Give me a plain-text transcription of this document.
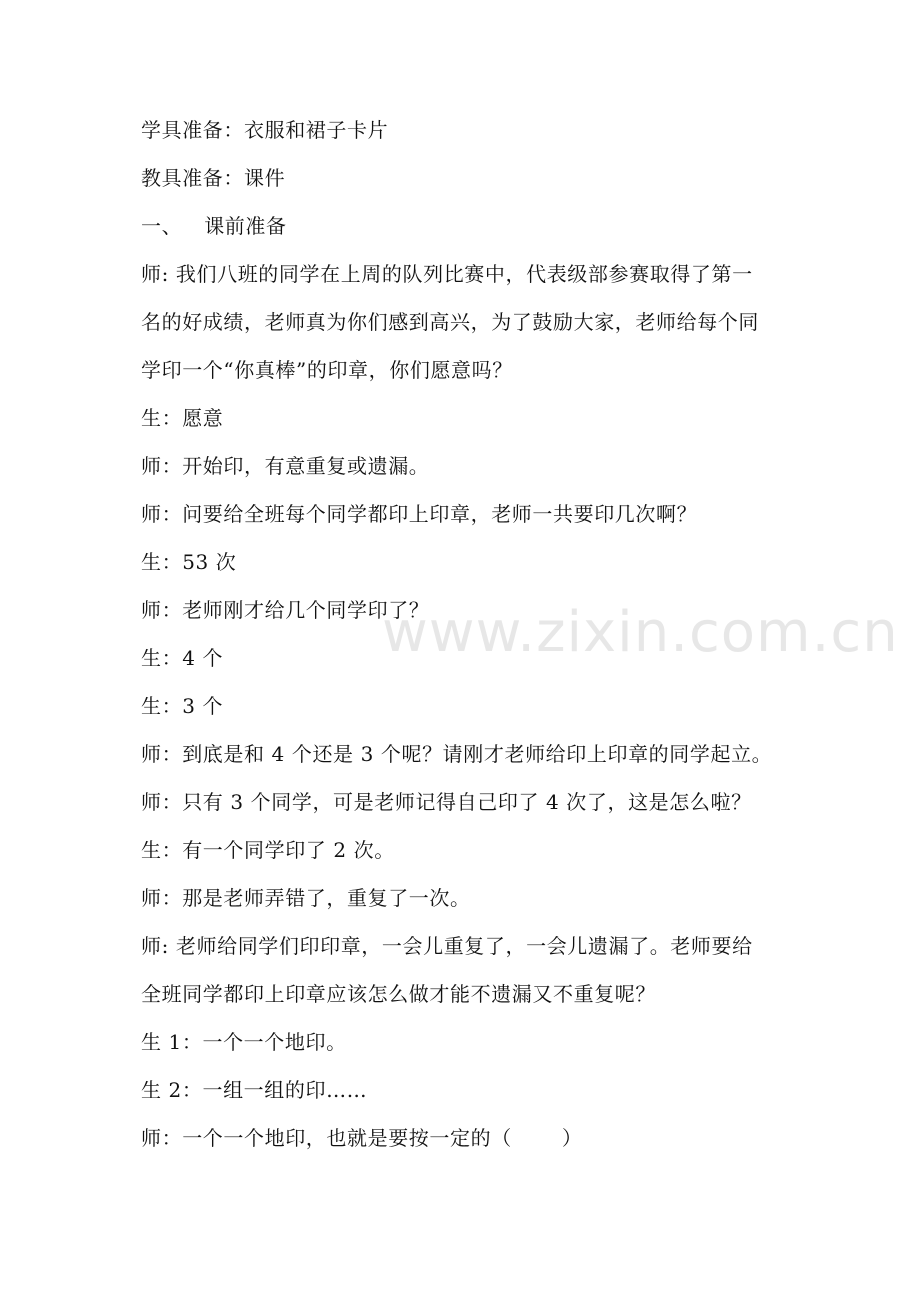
学具准备：衣服和裙子卡片
教具准备：课件
一、 课前准备
师: 我们八班的同学在上周的队列比赛中，代表级部参赛取得了第一
名的好成绩，老师真为你们感到高兴，为了鼓励大家，老师给每个同
学印一个“你真棒”的印章，你们愿意吗？
生：愿意
师：开始印，有意重复或遗漏。
师：问要给全班每个同学都印上印章，老师一共要印几次啊？
生：53 次
师：老师刚才给几个同学印了？
生：4 个
生：3 个
师：到底是和 4 个还是 3 个呢？请刚才老师给印上印章的同学起立。
师：只有 3 个同学，可是老师记得自己印了 4 次了，这是怎么啦？
生：有一个同学印了 2 次。
师：那是老师弄错了，重复了一次。
师: 老师给同学们印印章，一会儿重复了，一会儿遗漏了。老师要给
全班同学都印上印章应该怎么做才能不遗漏又不重复呢？
生 1：一个一个地印。
生 2：一组一组的印……
师：一个一个地印，也就是要按一定的（	）
www.zixin.com.cn
